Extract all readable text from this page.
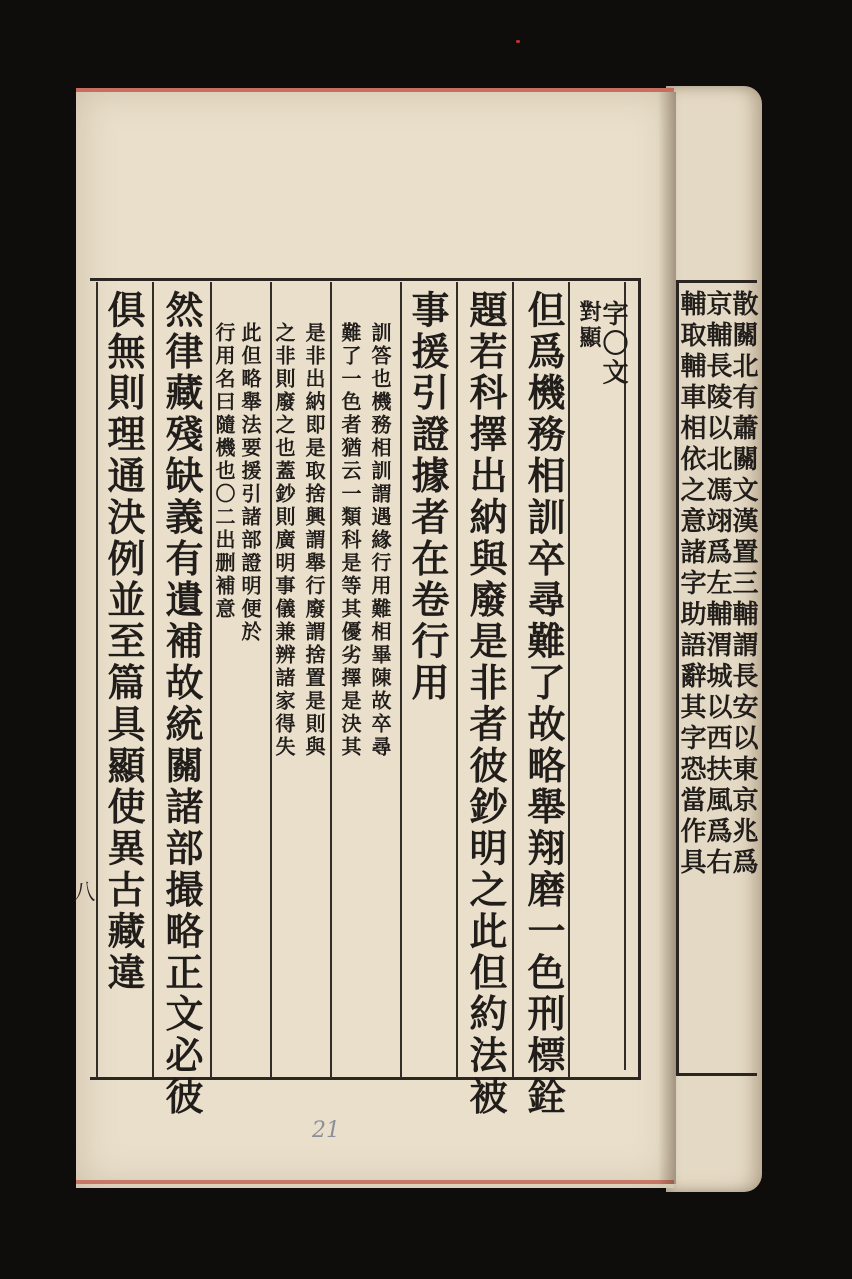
散關北有蕭關文漢置三輔謂長安以東京兆爲
京輔長陵以北馮翊爲左輔渭城以西扶風爲右
輔取輔車相依之意諸字助語辭其字恐當作具
字〇文
對顯
但爲機務相訓卒尋難了故略舉翔磨一色刑標銓
題若科擇出納與廢是非者彼鈔明之此但約法被
事援引證據者在卷行用
訓答也機務相訓謂遇緣行用難相畢陳故卒尋
難了一色者猶云一類科是等其優劣擇是決其
是非出納即是取捨興謂舉行廢謂捨置是則與
之非則廢之也蓋鈔則廣明事儀兼辨諸家得失
此但略舉法要援引諸部證明便於
行用名曰隨機也〇二出删補意
然律藏殘缺義有遺補故統關諸部撮略正文必彼
俱無則理通決例並至篇具顯使異古藏違
八
21
